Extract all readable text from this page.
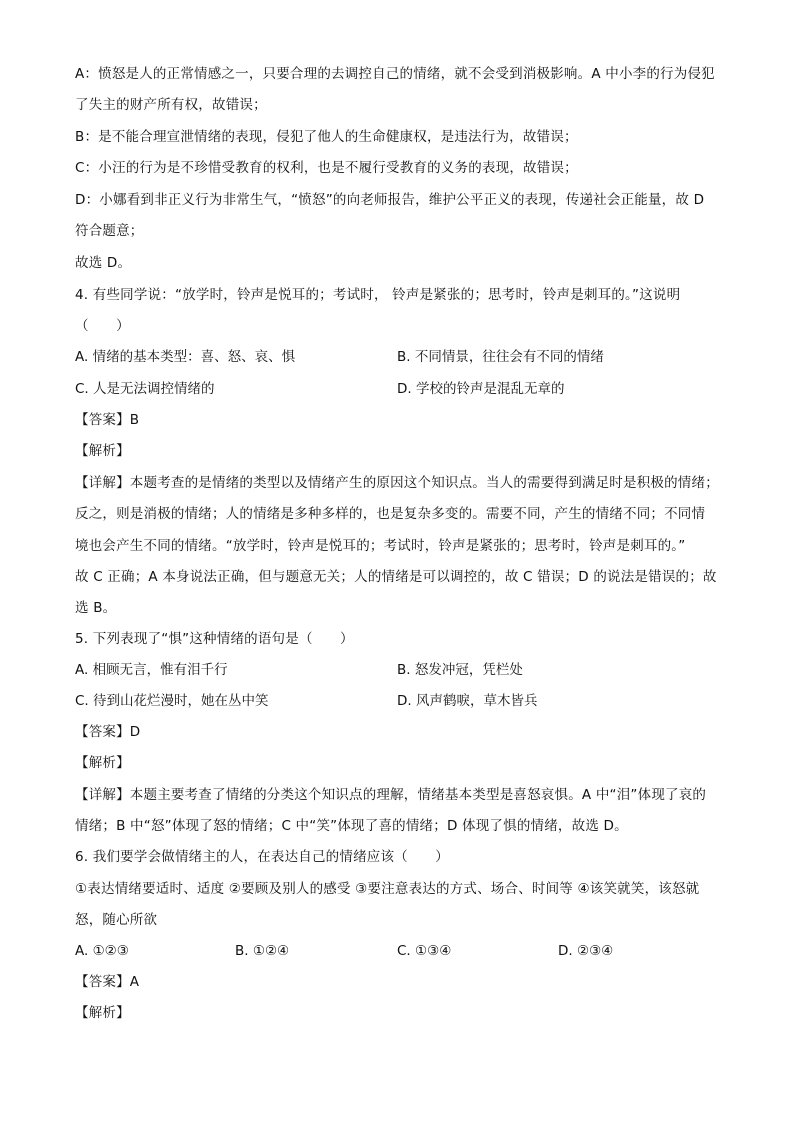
A：愤怒是人的正常情感之一，只要合理的去调控自己的情绪，就不会受到消极影响。A 中小李的行为侵犯
了失主的财产所有权，故错误；
B：是不能合理宣泄情绪的表现，侵犯了他人的生命健康权，是违法行为，故错误；
C：小汪的行为是不珍惜受教育的权利，也是不履行受教育的义务的表现，故错误；
D：小娜看到非正义行为非常生气，“愤怒”的向老师报告，维护公平正义的表现，传递社会正能量，故 D
符合题意；
故选 D。
4. 有些同学说：“放学时，铃声是悦耳的；考试时， 铃声是紧张的；思考时，铃声是刺耳的。”这说明
（　　）
A. 情绪的基本类型：喜、怒、哀、惧	B. 不同情景，往往会有不同的情绪
C. 人是无法调控情绪的	D. 学校的铃声是混乱无章的
【答案】B
【解析】
【详解】本题考查的是情绪的类型以及情绪产生的原因这个知识点。当人的需要得到满足时是积极的情绪；
反之，则是消极的情绪；人的情绪是多种多样的，也是复杂多变的。需要不同，产生的情绪不同；不同情
境也会产生不同的情绪。“放学时，铃声是悦耳的；考试时，铃声是紧张的；思考时，铃声是刺耳的。”
故 C 正确；A 本身说法正确，但与题意无关；人的情绪是可以调控的，故 C 错误；D 的说法是错误的；故
选 B。
5. 下列表现了“惧”这种情绪的语句是（　　）
A. 相顾无言，惟有泪千行	B. 怒发冲冠，凭栏处
C. 待到山花烂漫时，她在丛中笑	D. 风声鹤唳，草木皆兵
【答案】D
【解析】
【详解】本题主要考查了情绪的分类这个知识点的理解，情绪基本类型是喜怒哀惧。A 中“泪”体现了哀的
情绪；B 中“怒”体现了怒的情绪；C 中“笑”体现了喜的情绪；D 体现了惧的情绪，故选 D。
6. 我们要学会做情绪主的人，在表达自己的情绪应该（　　）
①表达情绪要适时、适度 ②要顾及别人的感受 ③要注意表达的方式、场合、时间等 ④该笑就笑，该怒就
怒，随心所欲
A. ①②③	B. ①②④	C. ①③④	D. ②③④
【答案】A
【解析】
